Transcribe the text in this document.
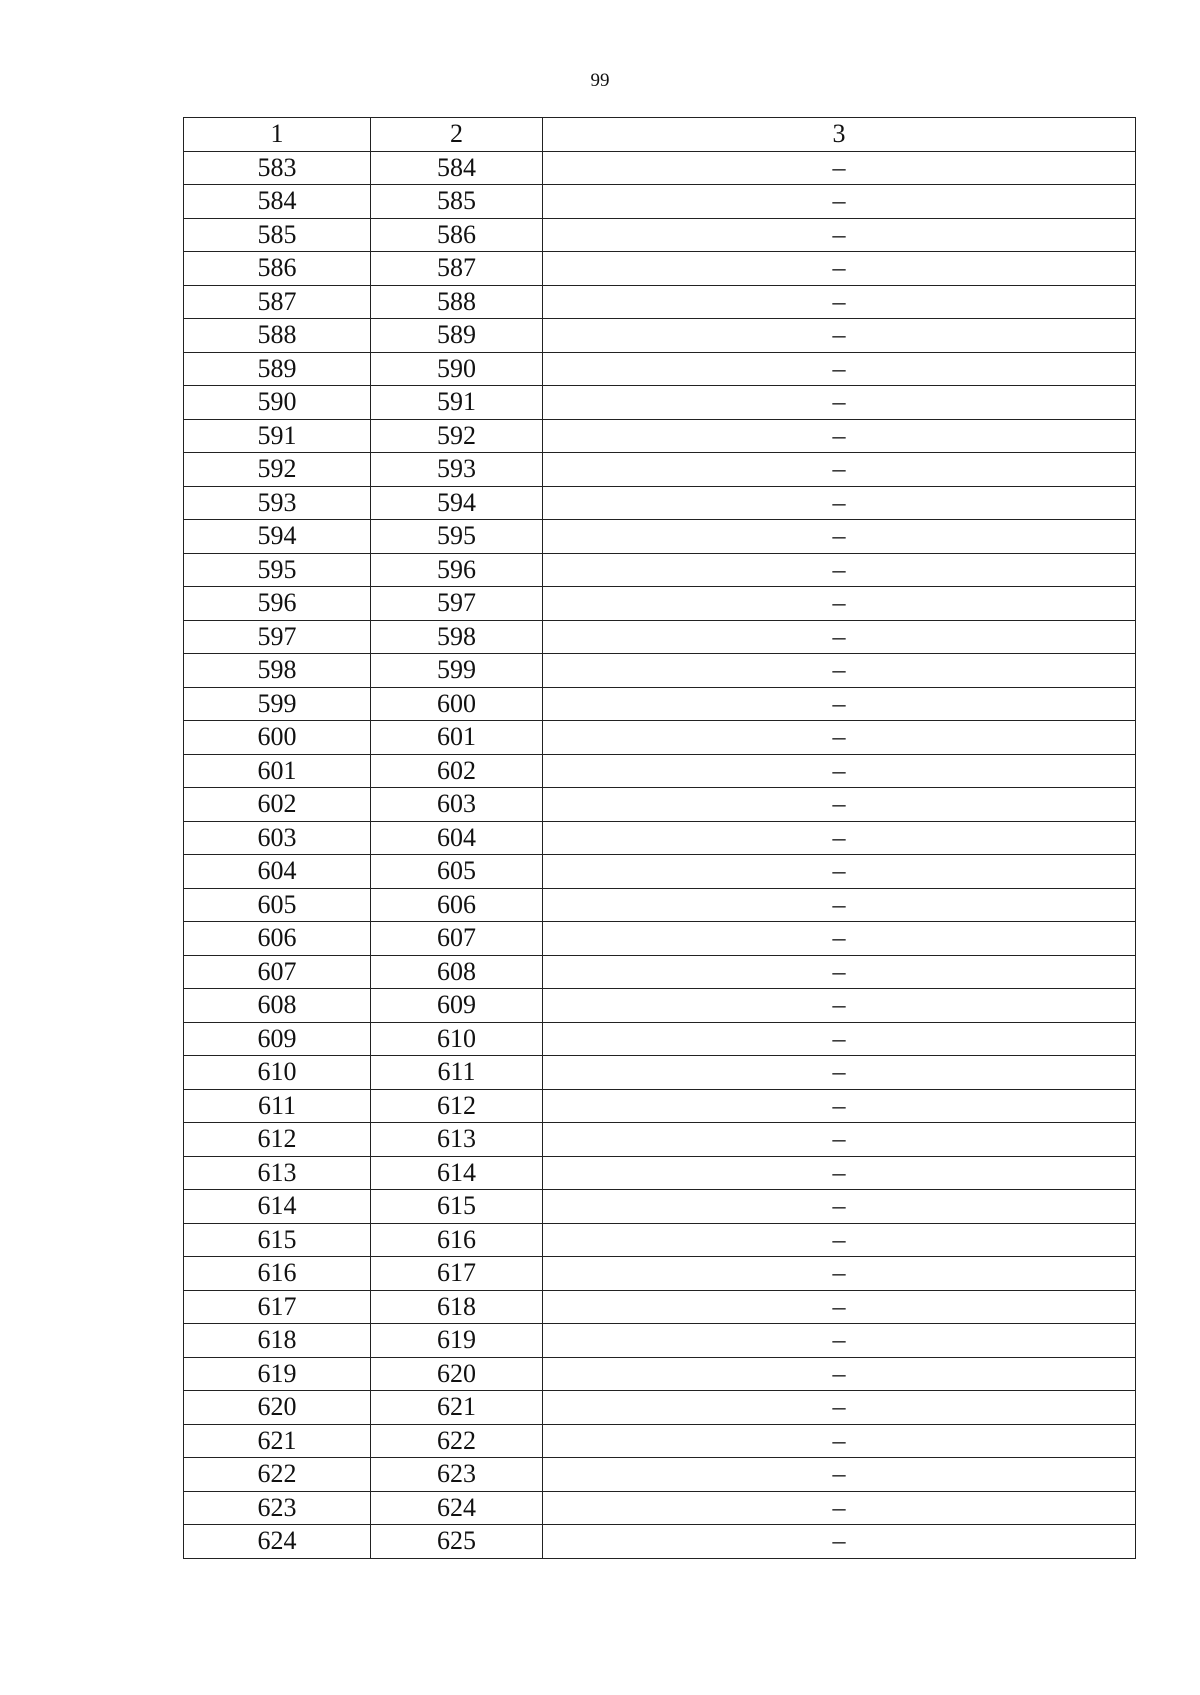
99
1	2	3
583	584	–
584	585	–
585	586	–
586	587	–
587	588	–
588	589	–
589	590	–
590	591	–
591	592	–
592	593	–
593	594	–
594	595	–
595	596	–
596	597	–
597	598	–
598	599	–
599	600	–
600	601	–
601	602	–
602	603	–
603	604	–
604	605	–
605	606	–
606	607	–
607	608	–
608	609	–
609	610	–
610	611	–
611	612	–
612	613	–
613	614	–
614	615	–
615	616	–
616	617	–
617	618	–
618	619	–
619	620	–
620	621	–
621	622	–
622	623	–
623	624	–
624	625	–
